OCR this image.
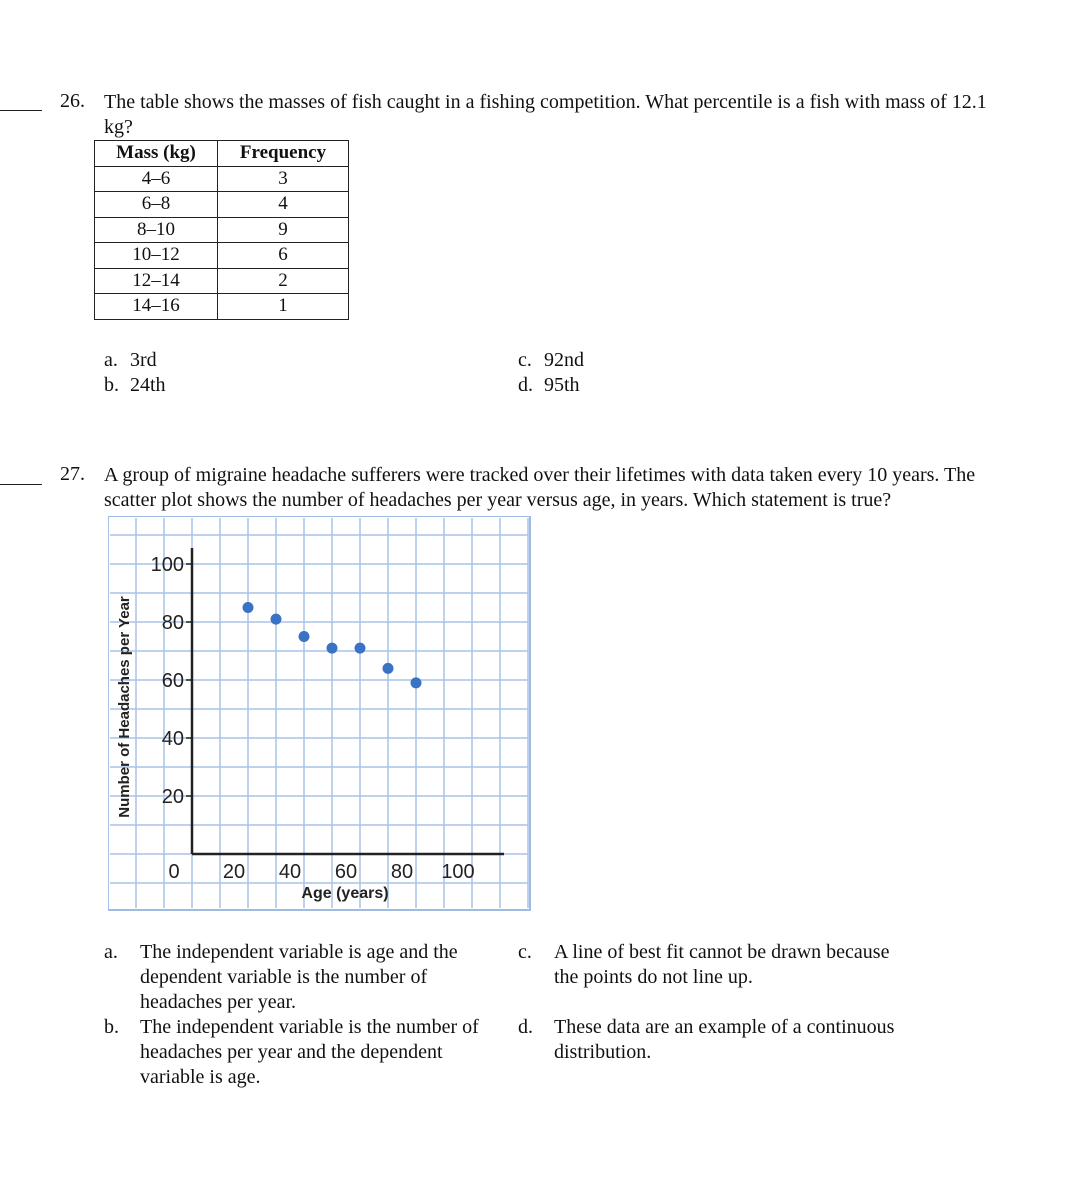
26. The table shows the masses of fish caught in a fishing competition. What percentile is a fish with mass of 12.1
kg?

Mass (kg)	Frequency
4–6	3
6–8	4
8–10	9
10–12	6
12–14	2
14–16	1
a. 3rd
b. 24th
c. 92nd
d. 95th
27. A group of migraine headache sufferers were tracked over their lifetimes with data taken every 10 years. The
scatter plot shows the number of headaches per year versus age, in years. Which statement is true?

20
40
60
80
100
0 20 40 60 80 100
Age (years)
Number of Headaches per Year
a. The independent variable is age and the
dependent variable is the number of
headaches per year.
b. The independent variable is the number of
headaches per year and the dependent
variable is age.
c. A line of best fit cannot be drawn because
the points do not line up.
d. These data are an example of a continuous
distribution.
